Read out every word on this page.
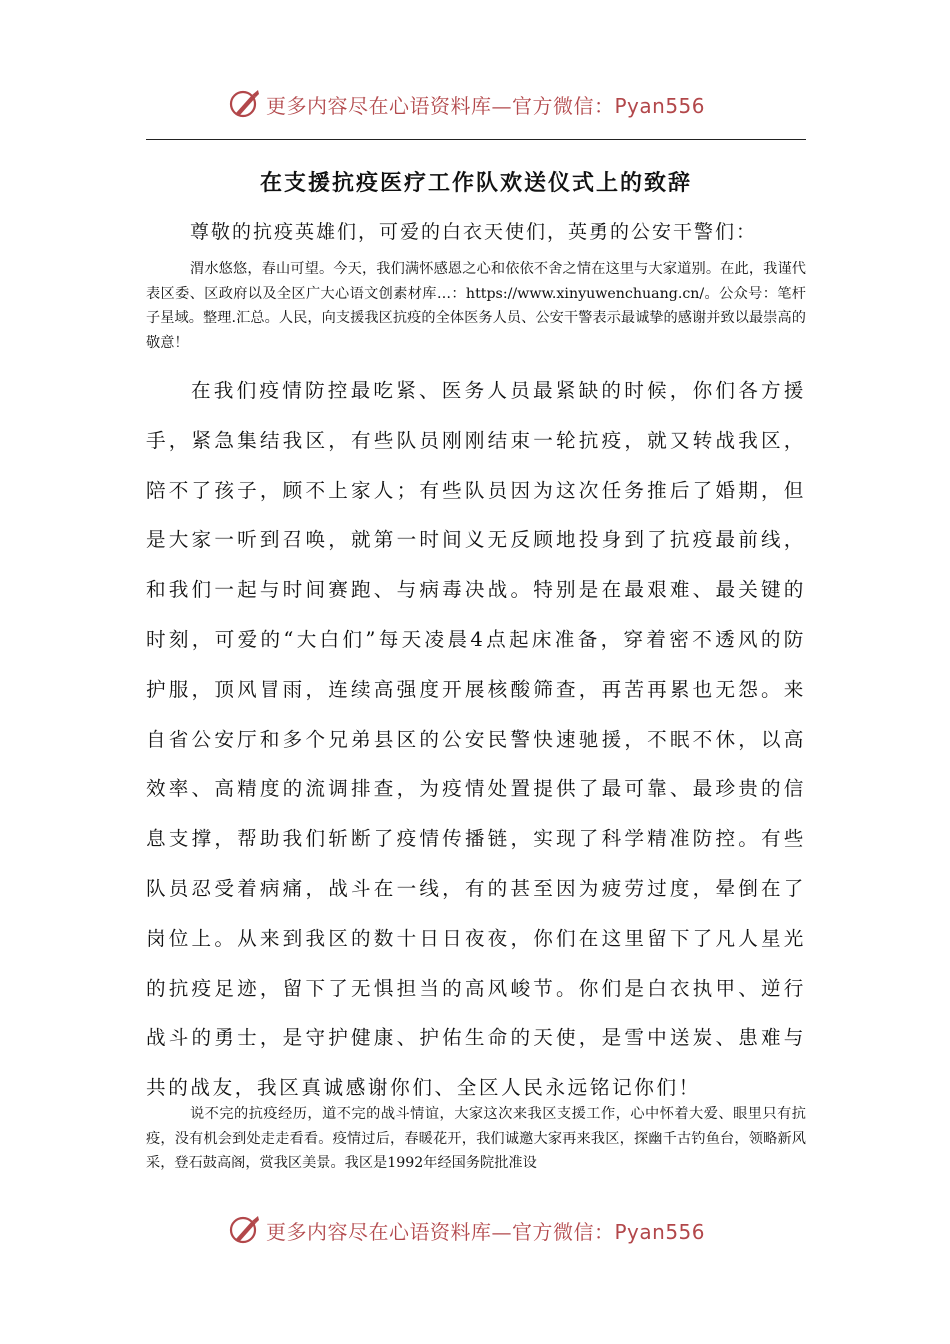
更多内容尽在心语资料库—官方微信：Pyan556
在支援抗疫医疗工作队欢送仪式上的致辞
尊敬的抗疫英雄们，可爱的白衣天使们，英勇的公安干警们：
渭水悠悠，春山可望。今天，我们满怀感恩之心和依依不舍之情在这里与大家道别。在此，我谨代表区委、区政府以及全区广大心语文创素材库…：https://www.xinyuwenchuang.cn/。公众号：笔杆子星域。整理.汇总。人民，向支援我区抗疫的全体医务人员、公安干警表示最诚挚的感谢并致以最崇高的敬意！
在我们疫情防控最吃紧、医务人员最紧缺的时候，你们各方援手，紧急集结我区，有些队员刚刚结束一轮抗疫，就又转战我区，陪不了孩子，顾不上家人；有些队员因为这次任务推后了婚期，但是大家一听到召唤，就第一时间义无反顾地投身到了抗疫最前线，和我们一起与时间赛跑、与病毒决战。特别是在最艰难、最关键的时刻，可爱的“大白们”每天凌晨4点起床准备，穿着密不透风的防护服，顶风冒雨，连续高强度开展核酸筛查，再苦再累也无怨。来自省公安厅和多个兄弟县区的公安民警快速驰援，不眠不休，以高效率、高精度的流调排查，为疫情处置提供了最可靠、最珍贵的信息支撑，帮助我们斩断了疫情传播链，实现了科学精准防控。有些队员忍受着病痛，战斗在一线，有的甚至因为疲劳过度，晕倒在了岗位上。从来到我区的数十日日夜夜，你们在这里留下了凡人星光的抗疫足迹，留下了无惧担当的高风峻节。你们是白衣执甲、逆行战斗的勇士，是守护健康、护佑生命的天使，是雪中送炭、患难与共的战友，我区真诚感谢你们、全区人民永远铭记你们！
说不完的抗疫经历，道不完的战斗情谊，大家这次来我区支援工作，心中怀着大爱、眼里只有抗疫，没有机会到处走走看看。疫情过后，春暖花开，我们诚邀大家再来我区，探幽千古钓鱼台，领略新风采，登石鼓高阁，赏我区美景。我区是1992年经国务院批准设
更多内容尽在心语资料库—官方微信：Pyan556
